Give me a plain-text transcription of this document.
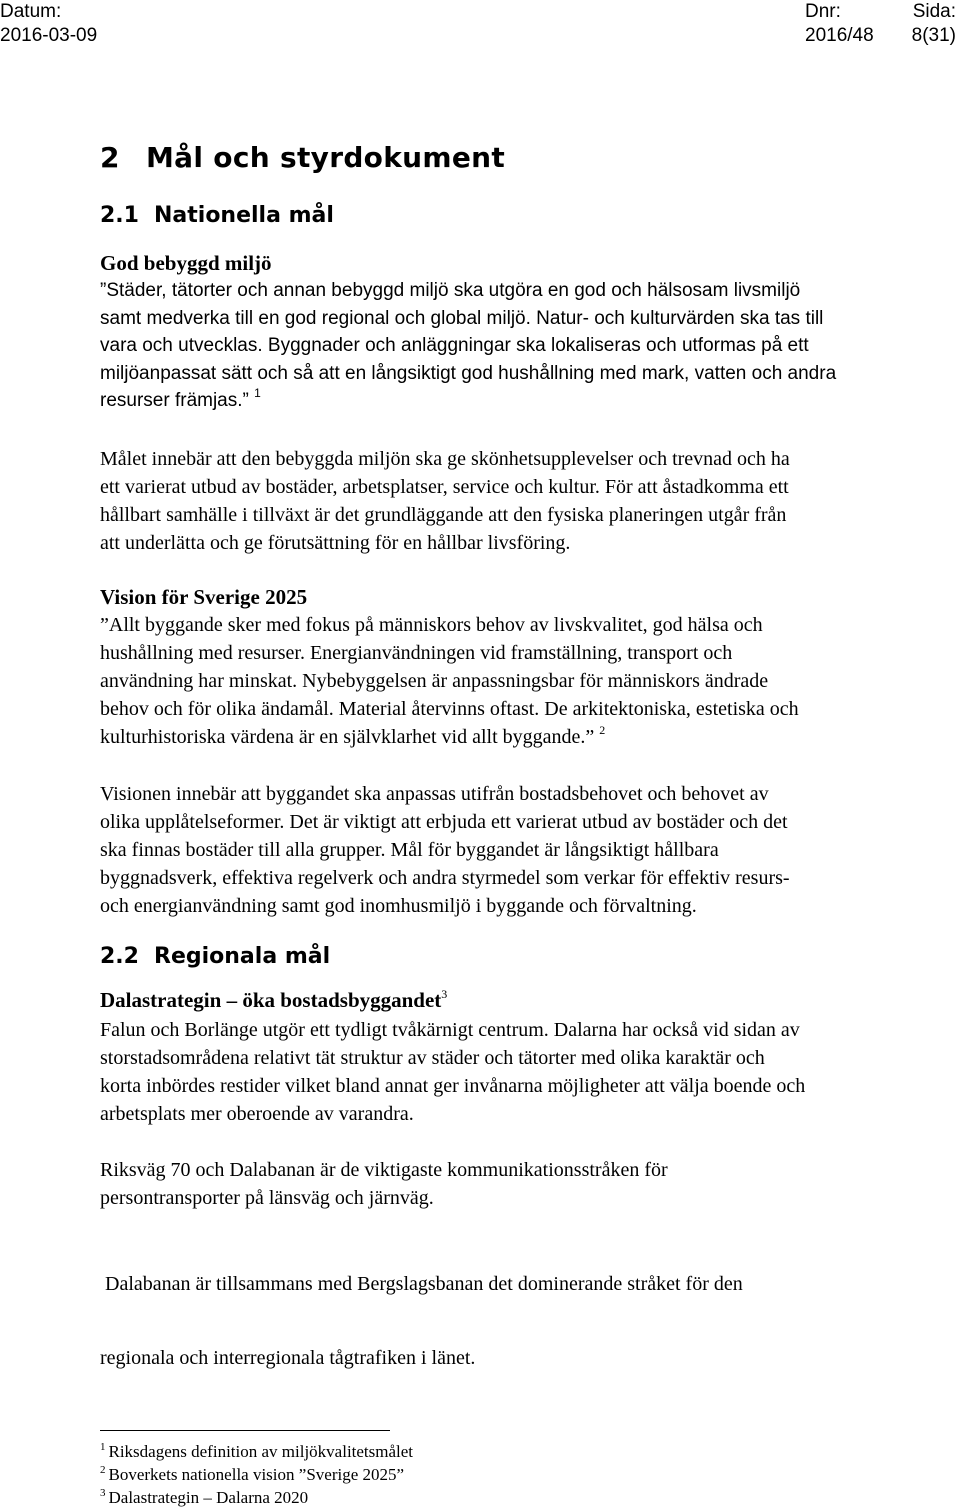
Datum:
2016-03-09
Dnr:
2016/48
Sida:
8(31)
2 Mål och styrdokument
2.1 Nationella mål
God bebyggd miljö
”Städer, tätorter och annan bebyggd miljö ska utgöra en god och hälsosam livsmiljö
samt medverka till en god regional och global miljö. Natur- och kulturvärden ska tas till
vara och utvecklas. Byggnader och anläggningar ska lokaliseras och utformas på ett
miljöanpassat sätt och så att en långsiktigt god hushållning med mark, vatten och andra
resurser främjas.” $^1$
Målet innebär att den bebyggda miljön ska ge skönhetsupplevelser och trevnad och ha
ett varierat utbud av bostäder, arbetsplatser, service och kultur. För att åstadkomma ett
hållbart samhälle i tillväxt är det grundläggande att den fysiska planeringen utgår från
att underlätta och ge förutsättning för en hållbar livsföring.
Vision för Sverige 2025
”Allt byggande sker med fokus på människors behov av livskvalitet, god hälsa och
hushållning med resurser. Energianvändningen vid framställning, transport och
användning har minskat. Nybebyggelsen är anpassningsbar för människors ändrade
behov och för olika ändamål. Material återvinns oftast. De arkitektoniska, estetiska och
kulturhistoriska värdena är en självklarhet vid allt byggande.” $^2$
Visionen innebär att byggandet ska anpassas utifrån bostadsbehovet och behovet av
olika upplåtelseformer. Det är viktigt att erbjuda ett varierat utbud av bostäder och det
ska finnas bostäder till alla grupper. Mål för byggandet är långsiktigt hållbara
byggnadsverk, effektiva regelverk och andra styrmedel som verkar för effektiv resurs-
och energianvändning samt god inomhusmiljö i byggande och förvaltning.
2.2 Regionala mål
Dalastrategin – öka bostadsbyggandet$^3$
Falun och Borlänge utgör ett tydligt tvåkärnigt centrum. Dalarna har också vid sidan av
storstadsområdena relativt tät struktur av städer och tätorter med olika karaktär och
korta inbördes restider vilket bland annat ger invånarna möjligheter att välja boende och
arbetsplats mer oberoende av varandra.
Riksväg 70 och Dalabanan är de viktigaste kommunikationsstråken för
persontransporter på länsväg och järnväg.

Dalabanan är tillsammans med Bergslagsbanan det dominerande stråket för den

regionala och interregionala tågtrafiken i länet.

$^1$ Riksdagens definition av miljökvalitetsmålet
$^2$ Boverkets nationella vision ”Sverige 2025”
$^3$ Dalastrategin – Dalarna 2020
